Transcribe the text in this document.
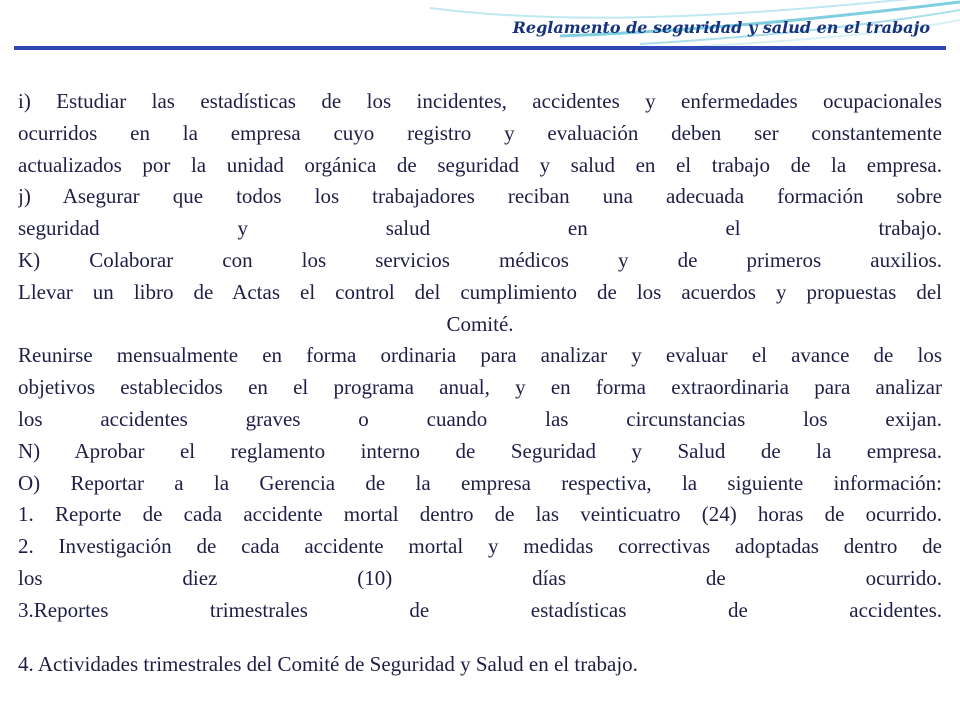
Reglamento de seguridad y salud en el trabajo
i) Estudiar las estadísticas de los incidentes, accidentes y enfermedades ocupacionales
ocurridos en la empresa cuyo registro y evaluación deben ser constantemente
actualizados por la unidad orgánica de seguridad y salud en el trabajo de la empresa.
j) Asegurar que todos los trabajadores reciban una adecuada formación sobre
seguridad y salud en el trabajo.
K) Colaborar con los servicios médicos y de primeros auxilios.
Llevar un libro de Actas el control del cumplimiento de los acuerdos y propuestas del
Comité.
Reunirse mensualmente en forma ordinaria para analizar y evaluar el avance de los
objetivos establecidos en el programa anual, y en forma extraordinaria para analizar
los accidentes graves o cuando las circunstancias los exijan.
N) Aprobar el reglamento interno de Seguridad y Salud de la empresa.
O) Reportar a la Gerencia de la empresa respectiva, la siguiente información:
1. Reporte de cada accidente mortal dentro de las veinticuatro (24) horas de ocurrido.
2. Investigación de cada accidente mortal y medidas correctivas adoptadas dentro de
los diez (10) días de ocurrido.
3.Reportes trimestrales de estadísticas de accidentes.
4. Actividades trimestrales del Comité de Seguridad y Salud en el trabajo.
